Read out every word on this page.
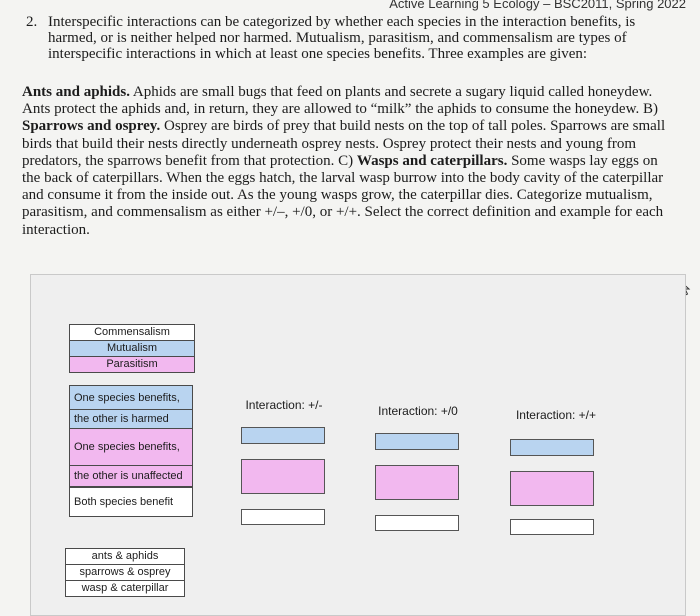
Active Learning 5 Ecology – BSC2011, Spring 2022
2. Interspecific interactions can be categorized by whether each species in the interaction benefits, is harmed, or is neither helped nor harmed. Mutualism, parasitism, and commensalism are types of interspecific interactions in which at least one species benefits. Three examples are given:
Ants and aphids. Aphids are small bugs that feed on plants and secrete a sugary liquid called honeydew. Ants protect the aphids and, in return, they are allowed to “milk” the aphids to consume the honeydew. B) Sparrows and osprey. Osprey are birds of prey that build nests on the top of tall poles. Sparrows are small birds that build their nests directly underneath osprey nests. Osprey protect their nests and young from predators, the sparrows benefit from that protection. C) Wasps and caterpillars. Some wasps lay eggs on the back of caterpillars. When the eggs hatch, the larval wasp burrow into the body cavity of the caterpillar and consume it from the inside out. As the young wasps grow, the caterpillar dies. Categorize mutualism, parasitism, and commensalism as either +/–, +/0, or +/+. Select the correct definition and example for each interaction.
Commensalism
Mutualism
Parasitism
One species benefits,
the other is harmed
One species benefits,
the other is unaffected
Both species benefit
ants & aphids
sparrows & osprey
wasp & caterpillar
Interaction: +/-	Interaction: +/0	Interaction: +/+
